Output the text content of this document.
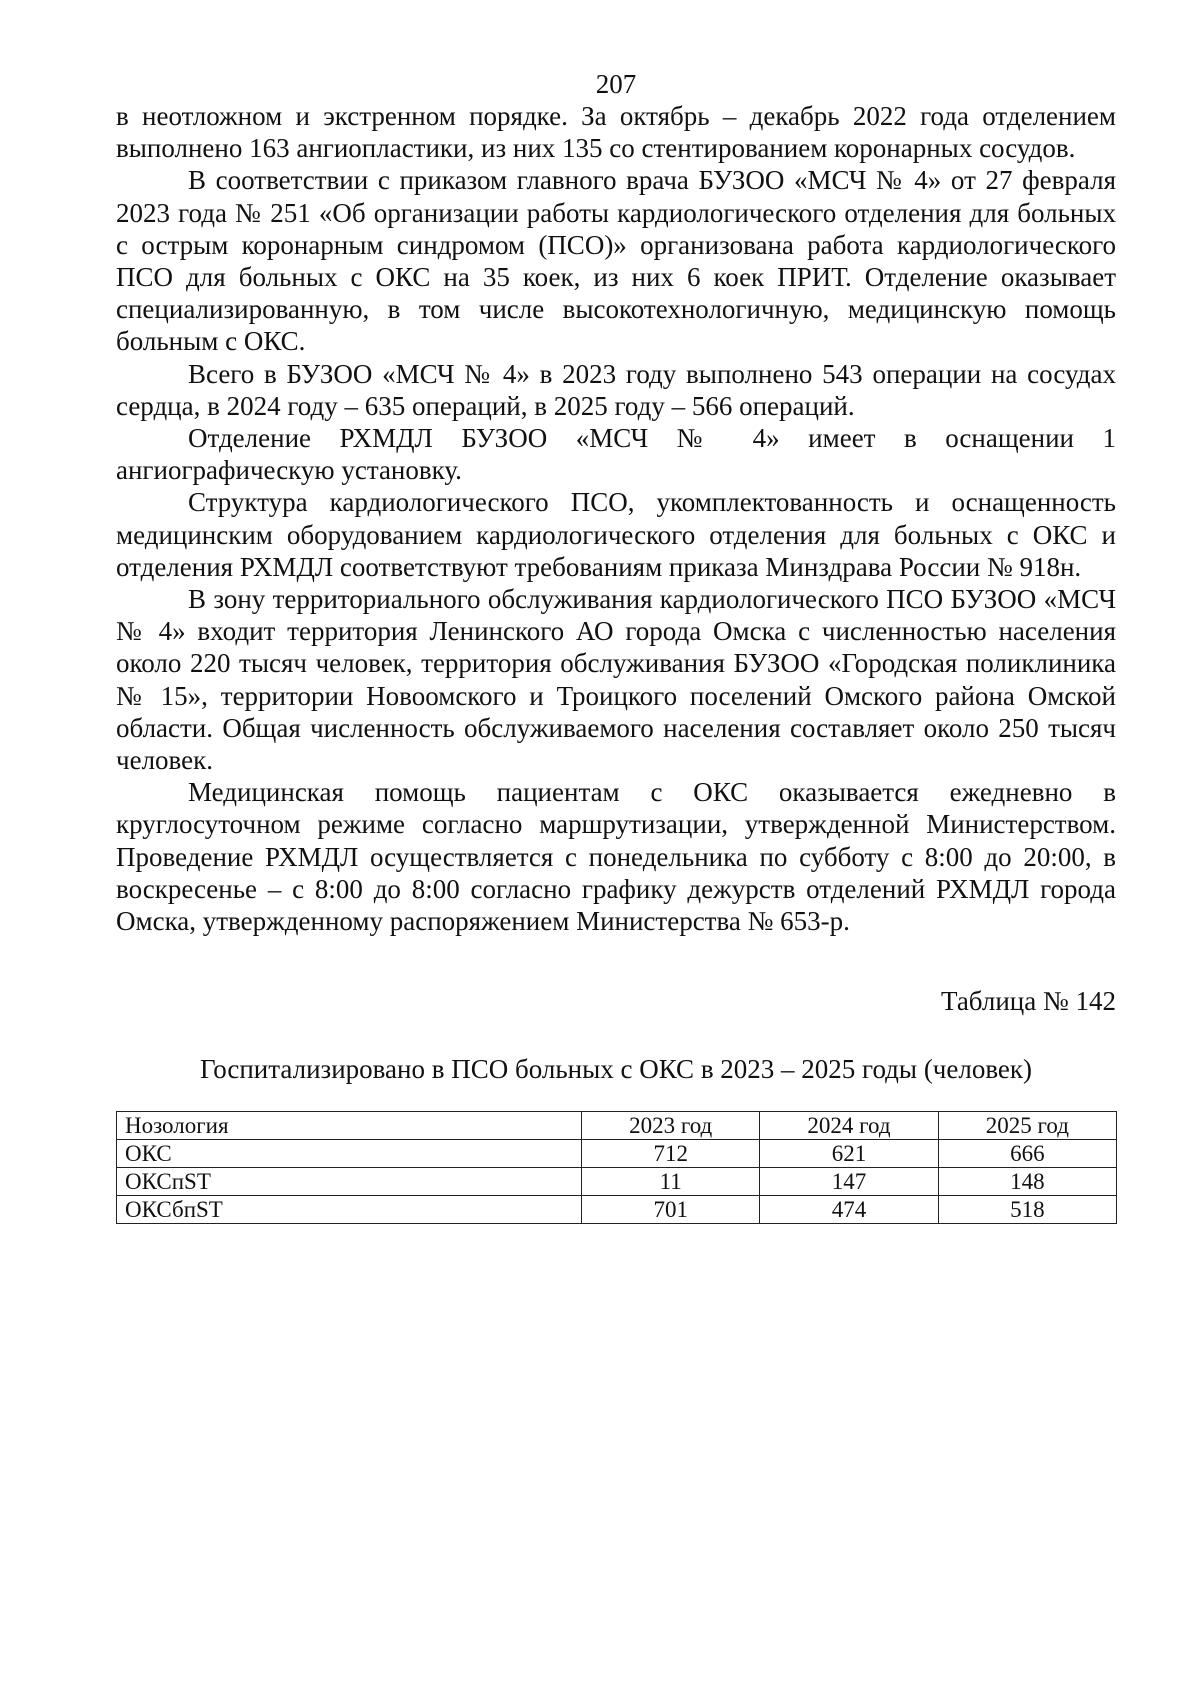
207

в неотложном и экстренном порядке. За октябрь – декабрь 2022 года отделением выполнено 163 ангиопластики, из них 135 со стентированием коронарных сосудов.

В соответствии с приказом главного врача БУЗОО «МСЧ № 4» от 27 февраля 2023 года № 251 «Об организации работы кардиологического отделения для больных с острым коронарным синдромом (ПСО)» организована работа кардиологического ПСО для больных с ОКС на 35 коек, из них 6 коек ПРИТ. Отделение оказывает специализированную, в том числе высокотехнологичную, медицинскую помощь больным с ОКС.

Всего в БУЗОО «МСЧ № 4» в 2023 году выполнено 543 операции на сосудах сердца, в 2024 году – 635 операций, в 2025 году – 566 операций.

Отделение РХМДЛ БУЗОО «МСЧ № 4» имеет в оснащении 1 ангиографическую установку.

Структура кардиологического ПСО, укомплектованность и оснащенность медицинским оборудованием кардиологического отделения для больных с ОКС и отделения РХМДЛ соответствуют требованиям приказа Минздрава России № 918н.

В зону территориального обслуживания кардиологического ПСО БУЗОО «МСЧ № 4» входит территория Ленинского АО города Омска с численностью населения около 220 тысяч человек, территория обслуживания БУЗОО «Городская поликлиника № 15», территории Новоомского и Троицкого поселений Омского района Омской области. Общая численность обслуживаемого населения составляет около 250 тысяч человек.

Медицинская помощь пациентам с ОКС оказывается ежедневно в круглосуточном режиме согласно маршрутизации, утвержденной Министерством. Проведение РХМДЛ осуществляется с понедельника по субботу с 8:00 до 20:00, в воскресенье – с 8:00 до 8:00 согласно графику дежурств отделений РХМДЛ города Омска, утвержденному распоряжением Министерства № 653-р.

Таблица № 142
Госпитализировано в ПСО больных с ОКС в 2023 – 2025 годы (человек)
Нозология	2023 год	2024 год	2025 год
ОКС	712	621	666
ОКСпST	11	147	148
ОКСбпST	701	474	518
